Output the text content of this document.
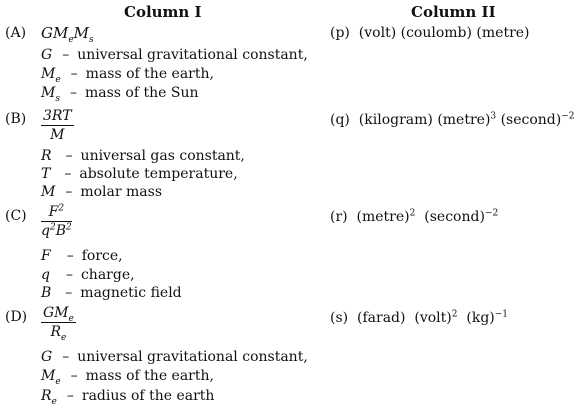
Column I	Column II
(A) $GM_eM_s$
G – universal gravitational constant,
$M_e$ – mass of the earth,
$M_s$ – mass of the Sun
$(B) \frac{3RT}{M}$
R – universal gas constant,
T – absolute temperature,
M – molar mass
$(C) \frac{F^2}{q^2B^2}$
F – force,
q – charge,
B – magnetic field
(D) $GM_e$
$R_e$
G – universal gravitational constant,
$M_e$ – mass of the earth,
$R_e$ – radius of the earth
(p) (volt) (coulomb) (metre)
(q) (kilogram) (metre)$^3$ (second)$^{-2}$
(r) (metre)$^2$  (second)$^{-2}$
(s) (farad)  (volt)$^2$  (kg)$^{-1}$
